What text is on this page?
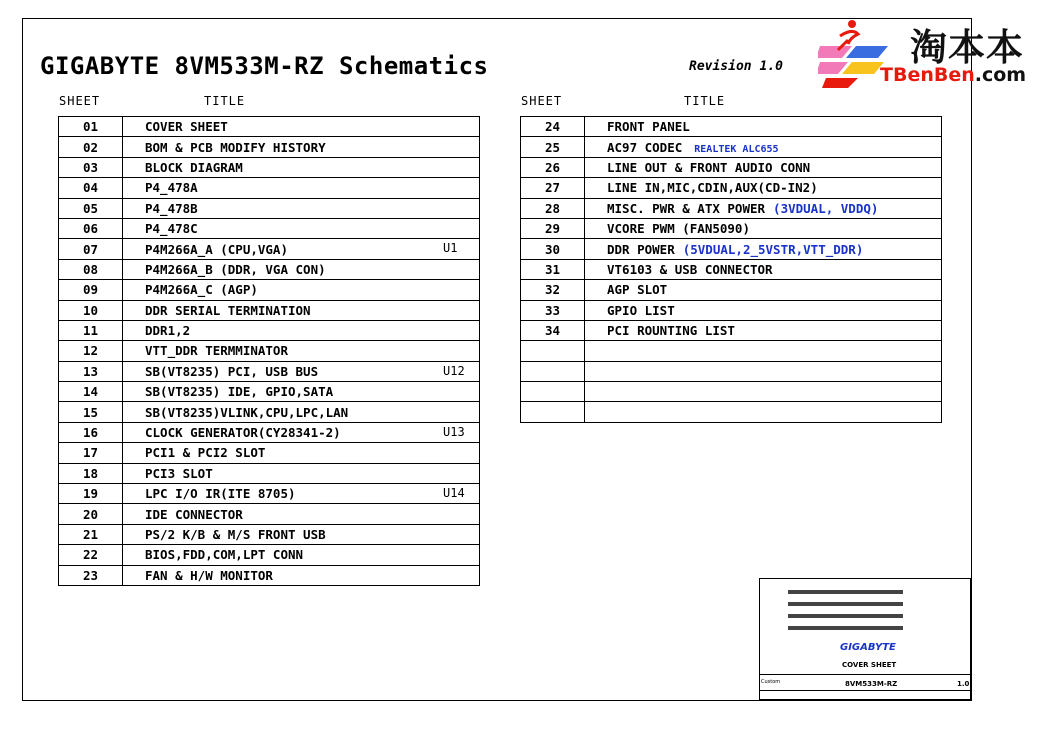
GIGABYTE 8VM533M-RZ Schematics	Revision 1.0	淘本本
TBenBen.com
SHEET	TITLE	SHEET	TITLE
01	COVER SHEET
02	BOM & PCB MODIFY HISTORY
03	BLOCK DIAGRAM
04	P4_478A
05	P4_478B
06	P4_478C
07	P4M266A_A (CPU,VGA) U1

08	P4M266A_B (DDR, VGA CON)
09	P4M266A_C (AGP)
10	DDR SERIAL TERMINATION
11	DDR1,2
12	VTT_DDR TERMMINATOR
13	SB(VT8235) PCI, USB BUS U12

14	SB(VT8235) IDE, GPIO,SATA
15	SB(VT8235)VLINK,CPU,LPC,LAN
16	CLOCK GENERATOR(CY28341-2) U13

17	PCI1 & PCI2 SLOT
18	PCI3 SLOT
19	LPC I/O IR(ITE 8705) U14

20	IDE CONNECTOR
21	PS/2 K/B & M/S FRONT USB
22	BIOS,FDD,COM,LPT CONN
23	FAN & H/W MONITOR
24	FRONT PANEL
25	AC97 CODEC REALTEK ALC655
26	LINE OUT & FRONT AUDIO CONN
27	LINE IN,MIC,CDIN,AUX(CD-IN2)
28	MISC. PWR & ATX POWER (3VDUAL, VDDQ)
29	VCORE PWM (FAN5090)
30	DDR POWER (5VDUAL,2_5VSTR,VTT_DDR)
31	VT6103 & USB CONNECTOR
32	AGP SLOT
33	GPIO LIST
34	PCI ROUNTING LIST

GIGABYTE
COVER SHEET
Custom	8VM533M-RZ	1.0
